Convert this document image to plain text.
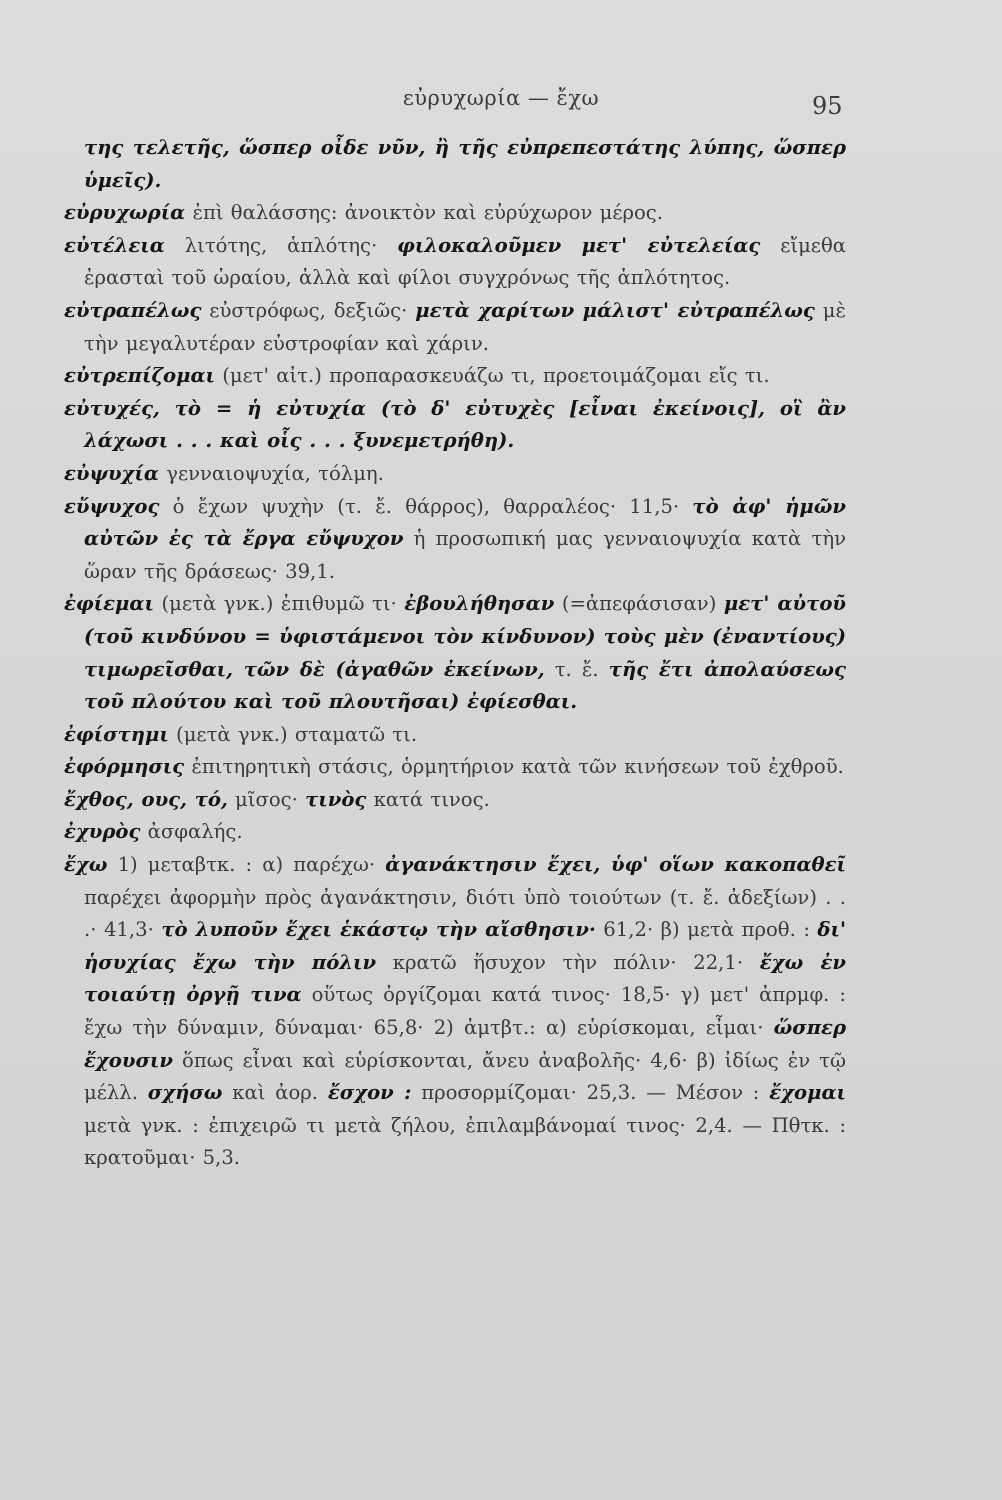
εὐρυχωρία — ἔχω	95

της τελετῆς, ὥσπερ οἶδε νῦν, ἢ τῆς εὐπρεπεστάτης λύπης, ὥσπερ ὑμεῖς).

εὐρυχωρία ἐπὶ θαλάσσης: ἀνοικτὸν καὶ εὐρύχωρον μέρος.

εὐτέλεια λιτότης, ἁπλότης· φιλοκαλοῦμεν μετ' εὐτελείας εἴμεθα ἐρασταὶ τοῦ ὡραίου, ἀλλὰ καὶ φίλοι συγχρόνως τῆς ἁπλότητος.

εὐτραπέλως εὐστρόφως, δεξιῶς· μετὰ χαρίτων μάλιστ' εὐτραπέλως μὲ τὴν μεγαλυτέραν εὐστροφίαν καὶ χάριν.

εὐτρεπίζομαι (μετ' αἰτ.) προπαρασκευάζω τι, προετοιμάζομαι εἴς τι.

εὐτυχές, τὸ = ἡ εὐτυχία (τὸ δ' εὐτυχὲς [εἶναι ἐκείνοις], οἳ ἂν λάχωσι . . . καὶ οἷς . . . ξυνεμετρήθη).

εὐψυχία γενναιοψυχία, τόλμη.

εὔψυχος ὁ ἔχων ψυχὴν (τ. ἔ. θάρρος), θαρραλέος· 11,5· τὸ ἀφ' ἡμῶν αὐτῶν ἐς τὰ ἔργα εὔψυχον ἡ προσωπική μας γενναιοψυχία κατὰ τὴν ὥραν τῆς δράσεως· 39,1.

ἐφίεμαι (μετὰ γνκ.) ἐπιθυμῶ τι· ἐβουλήθησαν (=ἀπεφάσισαν) μετ' αὐτοῦ (τοῦ κινδύνου = ὑφιστάμενοι τὸν κίνδυνον) τοὺς μὲν (ἐναντίους) τιμωρεῖσθαι, τῶν δὲ (ἀγαθῶν ἐκείνων, τ. ἔ. τῆς ἔτι ἀπολαύσεως τοῦ πλούτου καὶ τοῦ πλουτῆσαι) ἐφίεσθαι.

ἐφίστημι (μετὰ γνκ.) σταματῶ τι.

ἐφόρμησις ἐπιτηρητικὴ στάσις, ὁρμητήριον κατὰ τῶν κινήσεων τοῦ ἐχθροῦ.

ἔχθος, ους, τό, μῖσος· τινὸς κατά τινος.

ἐχυρὸς ἀσφαλής.

ἔχω 1) μεταβτκ. : α) παρέχω· ἀγανάκτησιν ἔχει, ὑφ' οἵων κακοπαθεῖ παρέχει ἀφορμὴν πρὸς ἀγανάκτησιν, διότι ὑπὸ τοιούτων (τ. ἔ. ἀδεξίων) . . .· 41,3· τὸ λυποῦν ἔχει ἑκάστῳ τὴν αἴσθησιν· 61,2· β) μετὰ προθ. : δι' ἡσυχίας ἔχω τὴν πόλιν κρατῶ ἥσυχον τὴν πόλιν· 22,1· ἔχω ἐν τοιαύτῃ ὀργῇ τινα οὕτως ὀργίζομαι κατά τινος· 18,5· γ) μετ' ἀπρμφ. : ἔχω τὴν δύναμιν, δύναμαι· 65,8· 2) ἀμτβτ.: α) εὑρίσκομαι, εἶμαι· ὥσπερ ἔχουσιν ὅπως εἶναι καὶ εὑρίσκονται, ἄνευ ἀναβολῆς· 4,6· β) ἰδίως ἐν τῷ μέλλ. σχήσω καὶ ἀορ. ἔσχον : προσορμίζομαι· 25,3. — Μέσον : ἔχομαι μετὰ γνκ. : ἐπιχειρῶ τι μετὰ ζήλου, ἐπιλαμβάνομαί τινος· 2,4. — Πθτκ. : κρατοῦμαι· 5,3.
